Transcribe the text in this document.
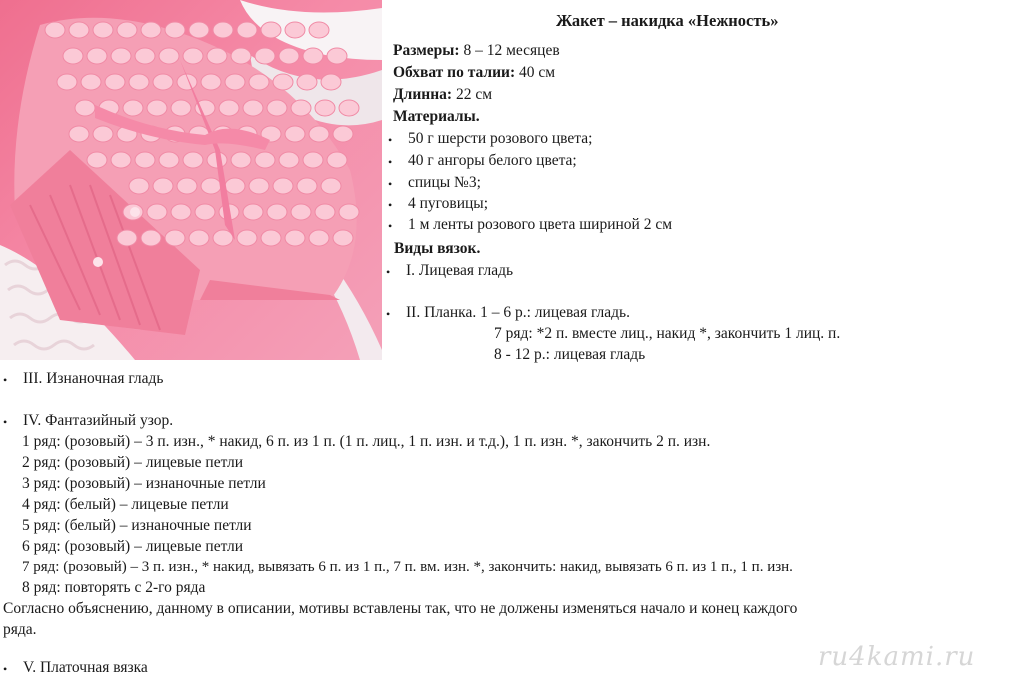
Жакет – накидка «Нежность»
Размеры: 8 – 12 месяцев
Обхват по талии: 40 см
Длинна: 22 см
Материалы.
• 50 г шерсти розового цвета;
• 40 г ангоры белого цвета;
• спицы №3;
• 4 пуговицы;
• 1 м ленты розового цвета шириной 2 см
Виды вязок.
• I. Лицевая гладь
• II. Планка. 1 – 6 р.: лицевая гладь.
7 ряд: *2 п. вместе лиц., накид *, закончить 1 лиц. п.
8 - 12 р.: лицевая гладь
• III. Изнаночная гладь
• IV. Фантазийный узор.
1 ряд: (розовый) – 3 п. изн., * накид, 6 п. из 1 п. (1 п. лиц., 1 п. изн. и т.д.), 1 п. изн. *, закончить 2 п. изн.
2 ряд: (розовый) – лицевые петли
3 ряд: (розовый) – изнаночные петли
4 ряд: (белый) – лицевые петли
5 ряд: (белый) – изнаночные петли
6 ряд: (розовый) – лицевые петли
7 ряд: (розовый) – 3 п. изн., * накид, вывязать 6 п. из 1 п., 7 п. вм. изн. *, закончить: накид, вывязать 6 п. из 1 п., 1 п. изн.
8 ряд: повторять с 2-го ряда
Согласно объяснению, данному в описании, мотивы вставлены так, что не должены изменяться начало и конец каждого
ряда.
• V. Платочная вязка	ru4kami.ru
